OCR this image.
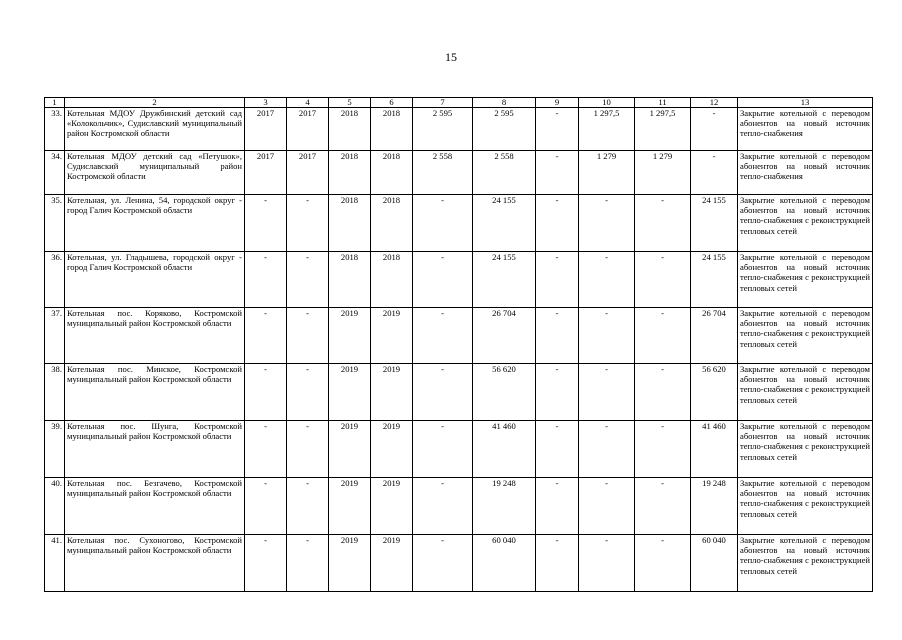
15
1	2	3	4	5	6	7	8	9	10	11	12	13
33.	Котельная МДОУ Дружбинский детский сад «Колокольчик», Судиславский муниципальный район Костромской области	2017	2017	2018	2018	2 595	2 595	-	1 297,5	1 297,5	-	Закрытие котельной с переводом абонентов на новый источник тепло-снабжения
34.	Котельная МДОУ детский сад «Петушок», Судиславский муниципальный район Костромской области	2017	2017	2018	2018	2 558	2 558	-	1 279	1 279	-	Закрытие котельной с переводом абонентов на новый источник тепло-снабжения
35.	Котельная, ул. Ленина, 54, городской округ - город Галич Костромской области	-	-	2018	2018	-	24 155	-	-	-	24 155	Закрытие котельной с переводом абонентов на новый источник тепло-снабжения с реконструкцией тепловых сетей
36.	Котельная, ул. Гладышева, городской округ - город Галич Костромской области	-	-	2018	2018	-	24 155	-	-	-	24 155	Закрытие котельной с переводом абонентов на новый источник тепло-снабжения с реконструкцией тепловых сетей
37.	Котельная пос. Коряково, Костромской муниципальный район Костромской области	-	-	2019	2019	-	26 704	-	-	-	26 704	Закрытие котельной с переводом абонентов на новый источник тепло-снабжения с реконструкцией тепловых сетей
38.	Котельная пос. Минское, Костромской муниципальный район Костромской области	-	-	2019	2019	-	56 620	-	-	-	56 620	Закрытие котельной с переводом абонентов на новый источник тепло-снабжения с реконструкцией тепловых сетей
39.	Котельная пос. Шунга, Костромской муниципальный район Костромской области	-	-	2019	2019	-	41 460	-	-	-	41 460	Закрытие котельной с переводом абонентов на новый источник тепло-снабжения с реконструкцией тепловых сетей
40.	Котельная пос. Безгачево, Костромской муниципальный район Костромской области	-	-	2019	2019	-	19 248	-	-	-	19 248	Закрытие котельной с переводом абонентов на новый источник тепло-снабжения с реконструкцией тепловых сетей
41.	Котельная пос. Сухоногово, Костромской муниципальный район Костромской области	-	-	2019	2019	-	60 040	-	-	-	60 040	Закрытие котельной с переводом абонентов на новый источник тепло-снабжения с реконструкцией тепловых сетей
